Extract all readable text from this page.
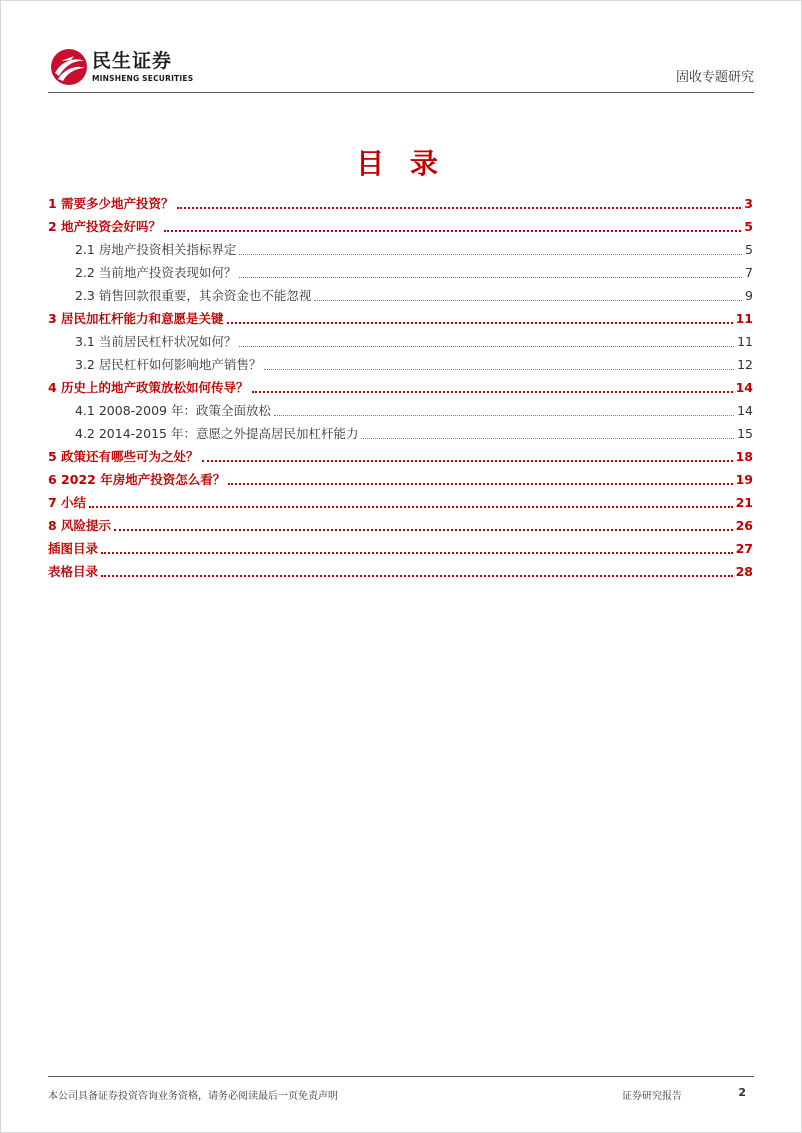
民生证券
MINSHENG SECURITIES	固收专题研究
目 录
1 需要多少地产投资？	3
2 地产投资会好吗？	5
2.1 房地产投资相关指标界定	5
2.2 当前地产投资表现如何？	7
2.3 销售回款很重要，其余资金也不能忽视	9
3 居民加杠杆能力和意愿是关键	11
3.1 当前居民杠杆状况如何？	11
3.2 居民杠杆如何影响地产销售？	12
4 历史上的地产政策放松如何传导？	14
4.1 2008-2009 年：政策全面放松	14
4.2 2014-2015 年：意愿之外提高居民加杠杆能力	15
5 政策还有哪些可为之处？	18
6 2022 年房地产投资怎么看？	19
7 小结	21
8 风险提示	26
插图目录	27
表格目录	28
本公司具备证券投资咨询业务资格，请务必阅读最后一页免责声明	证券研究报告	2
